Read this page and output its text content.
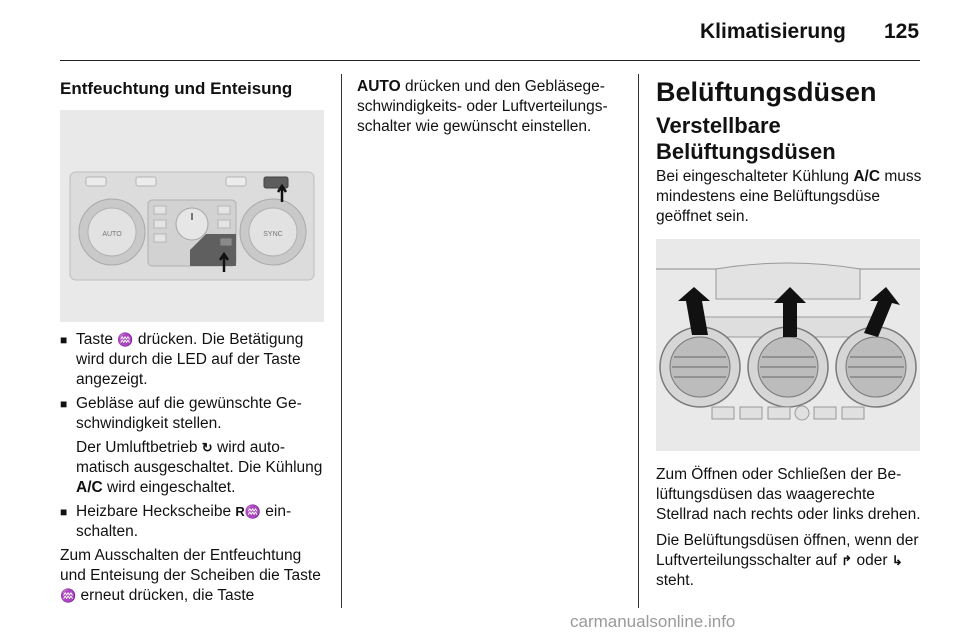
Klimatisierung 125
Entfeuchtung und Enteisung
AUTO	SYNC
■ Taste ♒ drücken. Die Betätigung wird durch die LED auf der Taste angezeigt.
■ Gebläse auf die gewünschte Geschwindigkeit stellen.
Der Umluftbetrieb ↻ wird automatisch ausgeschaltet. Die Kühlung A/C wird eingeschaltet.
■ Heizbare Heckscheibe R♒ einschalten.
Zum Ausschalten der Entfeuchtung und Enteisung der Scheiben die Taste ♒ erneut drücken, die Taste
AUTO drücken und den Gebläsegeschwindigkeits- oder Luftverteilungsschalter wie gewünscht einstellen.
Belüftungsdüsen
Verstellbare Belüftungsdüsen
Bei eingeschalteter Kühlung A/C muss mindestens eine Belüftungsdüse geöffnet sein.
Zum Öffnen oder Schließen der Belüftungsdüsen das waagerechte Stellrad nach rechts oder links drehen.
Die Belüftungsdüsen öffnen, wenn der Luftverteilungsschalter auf ↱ oder ↳ steht.
carmanualsonline.info
